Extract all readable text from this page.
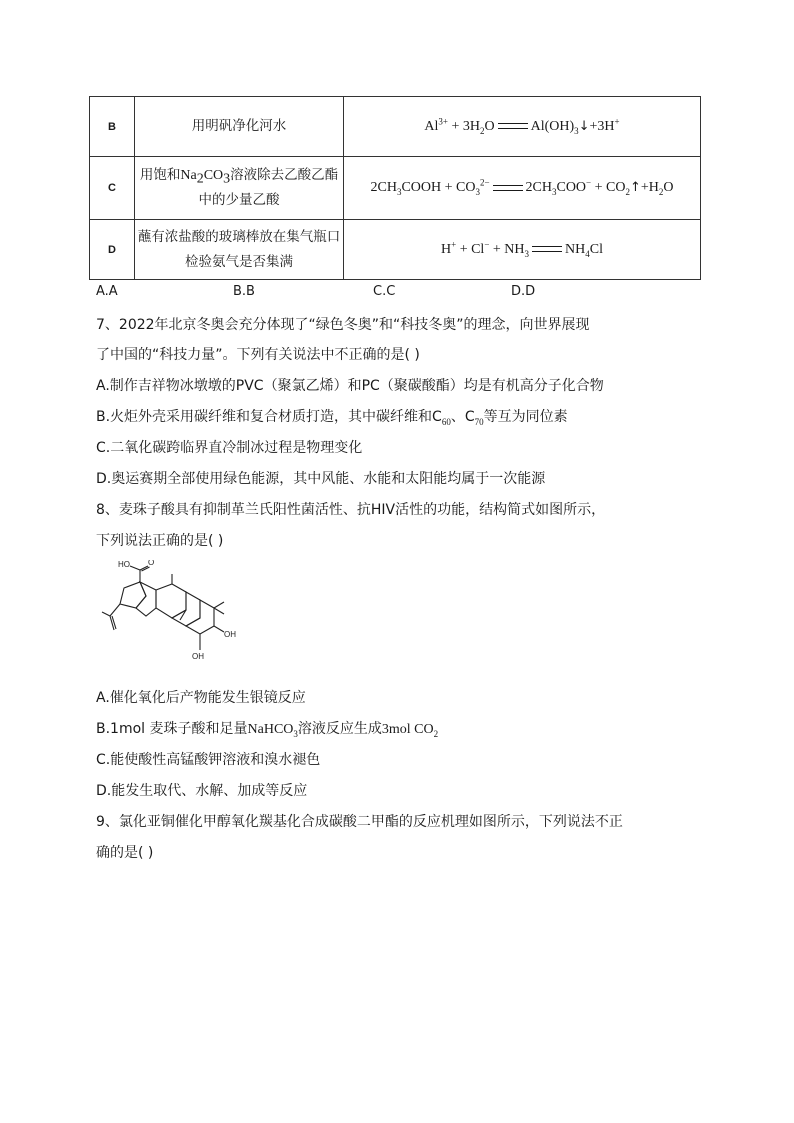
B	用明矾净化河水	$Al^{3+} + 3H_2O$ $Al(OH)_3↓+3H^+$
C	用饱和$Na_2CO_3$溶液除去乙酸乙酯中的少量乙酸	$2CH_3COOH + CO_3^{2-}$ $2CH_3COO^-$ + $CO_2↑+H_2O$
D	蘸有浓盐酸的玻璃棒放在集气瓶口检验氨气是否集满	$H^+ + Cl^- + NH_3$ $NH_4Cl$
A.A	B.B	C.C	D.D
7、2022年北京冬奥会充分体现了“绿色冬奥”和“科技冬奥”的理念，向世界展现
了中国的“科技力量”。下列有关说法中不正确的是( )
A.制作吉祥物冰墩墩的PVC（聚氯乙烯）和PC（聚碳酸酯）均是有机高分子化合物
B.火炬外壳采用碳纤维和复合材质打造，其中碳纤维和$C_{60}$、$C_{70}$等互为同位素
C.二氧化碳跨临界直冷制冰过程是物理变化
D.奥运赛期全部使用绿色能源，其中风能、水能和太阳能均属于一次能源
8、麦珠子酸具有抑制革兰氏阳性菌活性、抗HIV活性的功能，结构简式如图所示，
下列说法正确的是( )
HO O
OH
OH
A.催化氧化后产物能发生银镜反应
B.1mol 麦珠子酸和足量NaHCO$_3$溶液反应生成3mol $CO_2$
C.能使酸性高锰酸钾溶液和溴水褪色
D.能发生取代、水解、加成等反应
9、氯化亚铜催化甲醇氧化羰基化合成碳酸二甲酯的反应机理如图所示，下列说法不正
确的是( )
